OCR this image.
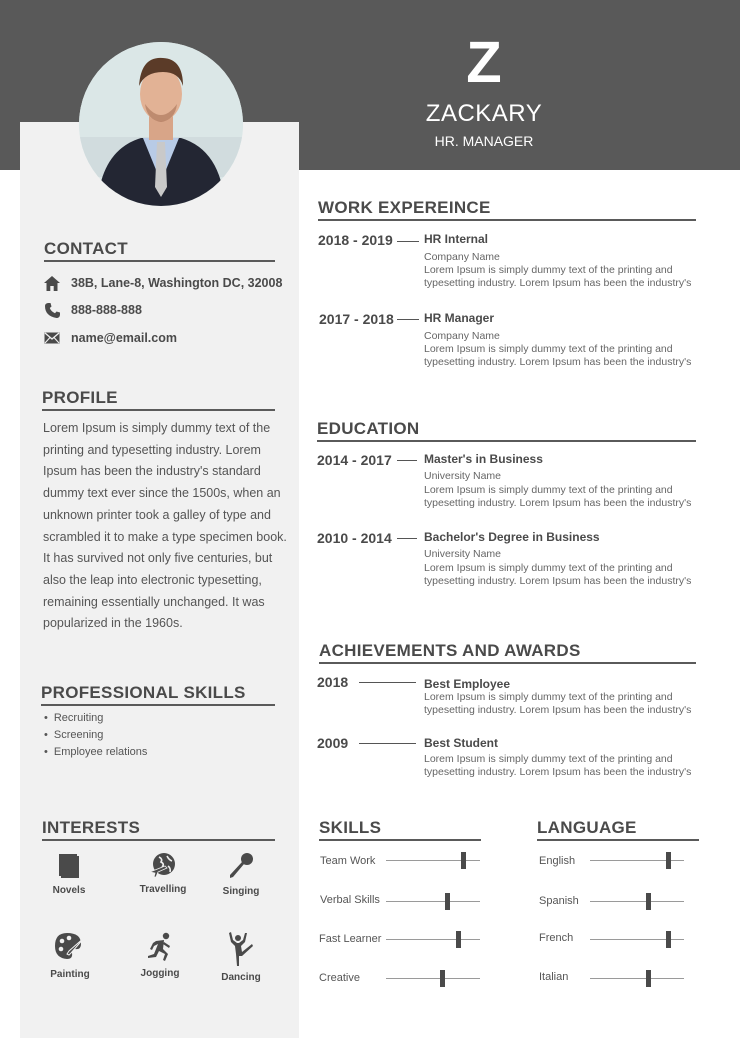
Z
ZACKARY
HR. MANAGER
CONTACT
38B, Lane-8, Washington DC, 32008
888-888-888
name@email.com
PROFILE
Lorem Ipsum is simply dummy text of the printing and typesetting industry. Lorem Ipsum has been the industry's standard dummy text ever since the 1500s, when an unknown printer took a galley of type and scrambled it to make a type specimen book. It has survived not only five centuries, but also the leap into electronic typesetting, remaining essentially unchanged. It was popularized in the 1960s.
PROFESSIONAL SKILLS
• Recruiting
• Screening
• Employee relations
INTERESTS
Novels	Travelling	Singing
Painting	Jogging	Dancing
WORK EXPEREINCE
2018 - 2019	HR Internal
Company Name
Lorem Ipsum is simply dummy text of the printing and
typesetting industry. Lorem Ipsum has been the industry's
2017 - 2018	HR Manager
Company Name
Lorem Ipsum is simply dummy text of the printing and
typesetting industry. Lorem Ipsum has been the industry's
EDUCATION
2014 - 2017	Master's in Business
University Name
Lorem Ipsum is simply dummy text of the printing and
typesetting industry. Lorem Ipsum has been the industry's
2010 - 2014	Bachelor's Degree in Business
University Name
Lorem Ipsum is simply dummy text of the printing and
typesetting industry. Lorem Ipsum has been the industry's
ACHIEVEMENTS AND AWARDS
2018	Best Employee
Lorem Ipsum is simply dummy text of the printing and
typesetting industry. Lorem Ipsum has been the industry's
2009	Best Student
Lorem Ipsum is simply dummy text of the printing and
typesetting industry. Lorem Ipsum has been the industry's
SKILLS
Team Work
Verbal Skills
Fast Learner
Creative
LANGUAGE
English
Spanish
French
Italian
